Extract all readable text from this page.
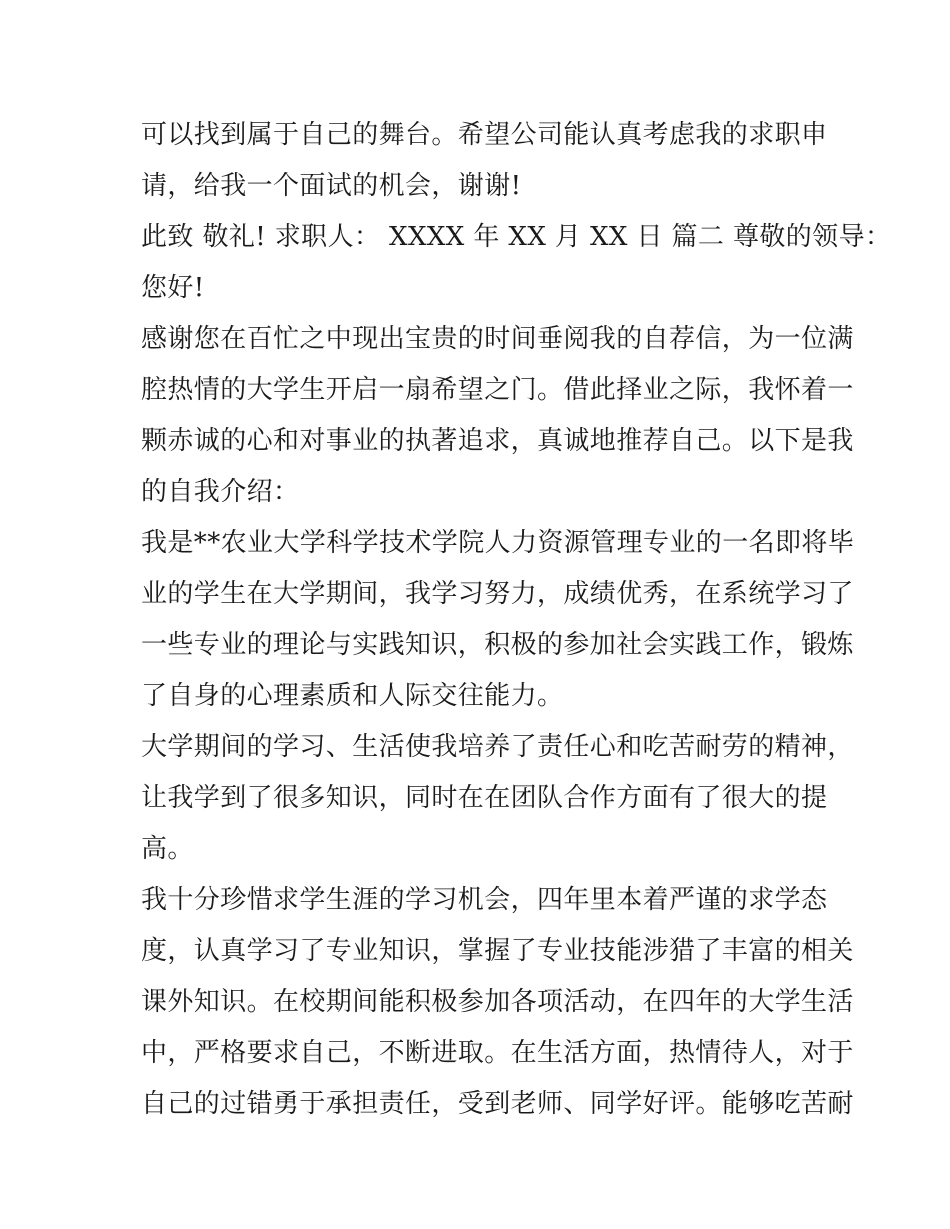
可以找到属于自己的舞台。希望公司能认真考虑我的求职申
请，给我一个面试的机会，谢谢!
此致 敬礼! 求职人： XXXX 年 XX 月 XX 日 篇二 尊敬的领导：
您好!
感谢您在百忙之中现出宝贵的时间垂阅我的自荐信，为一位满
腔热情的大学生开启一扇希望之门。借此择业之际，我怀着一
颗赤诚的心和对事业的执著追求，真诚地推荐自己。以下是我
的自我介绍：
我是**农业大学科学技术学院人力资源管理专业的一名即将毕
业的学生在大学期间，我学习努力，成绩优秀，在系统学习了
一些专业的理论与实践知识，积极的参加社会实践工作，锻炼
了自身的心理素质和人际交往能力。
大学期间的学习、生活使我培养了责任心和吃苦耐劳的精神，
让我学到了很多知识，同时在在团队合作方面有了很大的提
高。
我十分珍惜求学生涯的学习机会，四年里本着严谨的求学态
度，认真学习了专业知识，掌握了专业技能涉猎了丰富的相关
课外知识。在校期间能积极参加各项活动，在四年的大学生活
中，严格要求自己，不断进取。在生活方面，热情待人，对于
自己的过错勇于承担责任，受到老师、同学好评。能够吃苦耐
